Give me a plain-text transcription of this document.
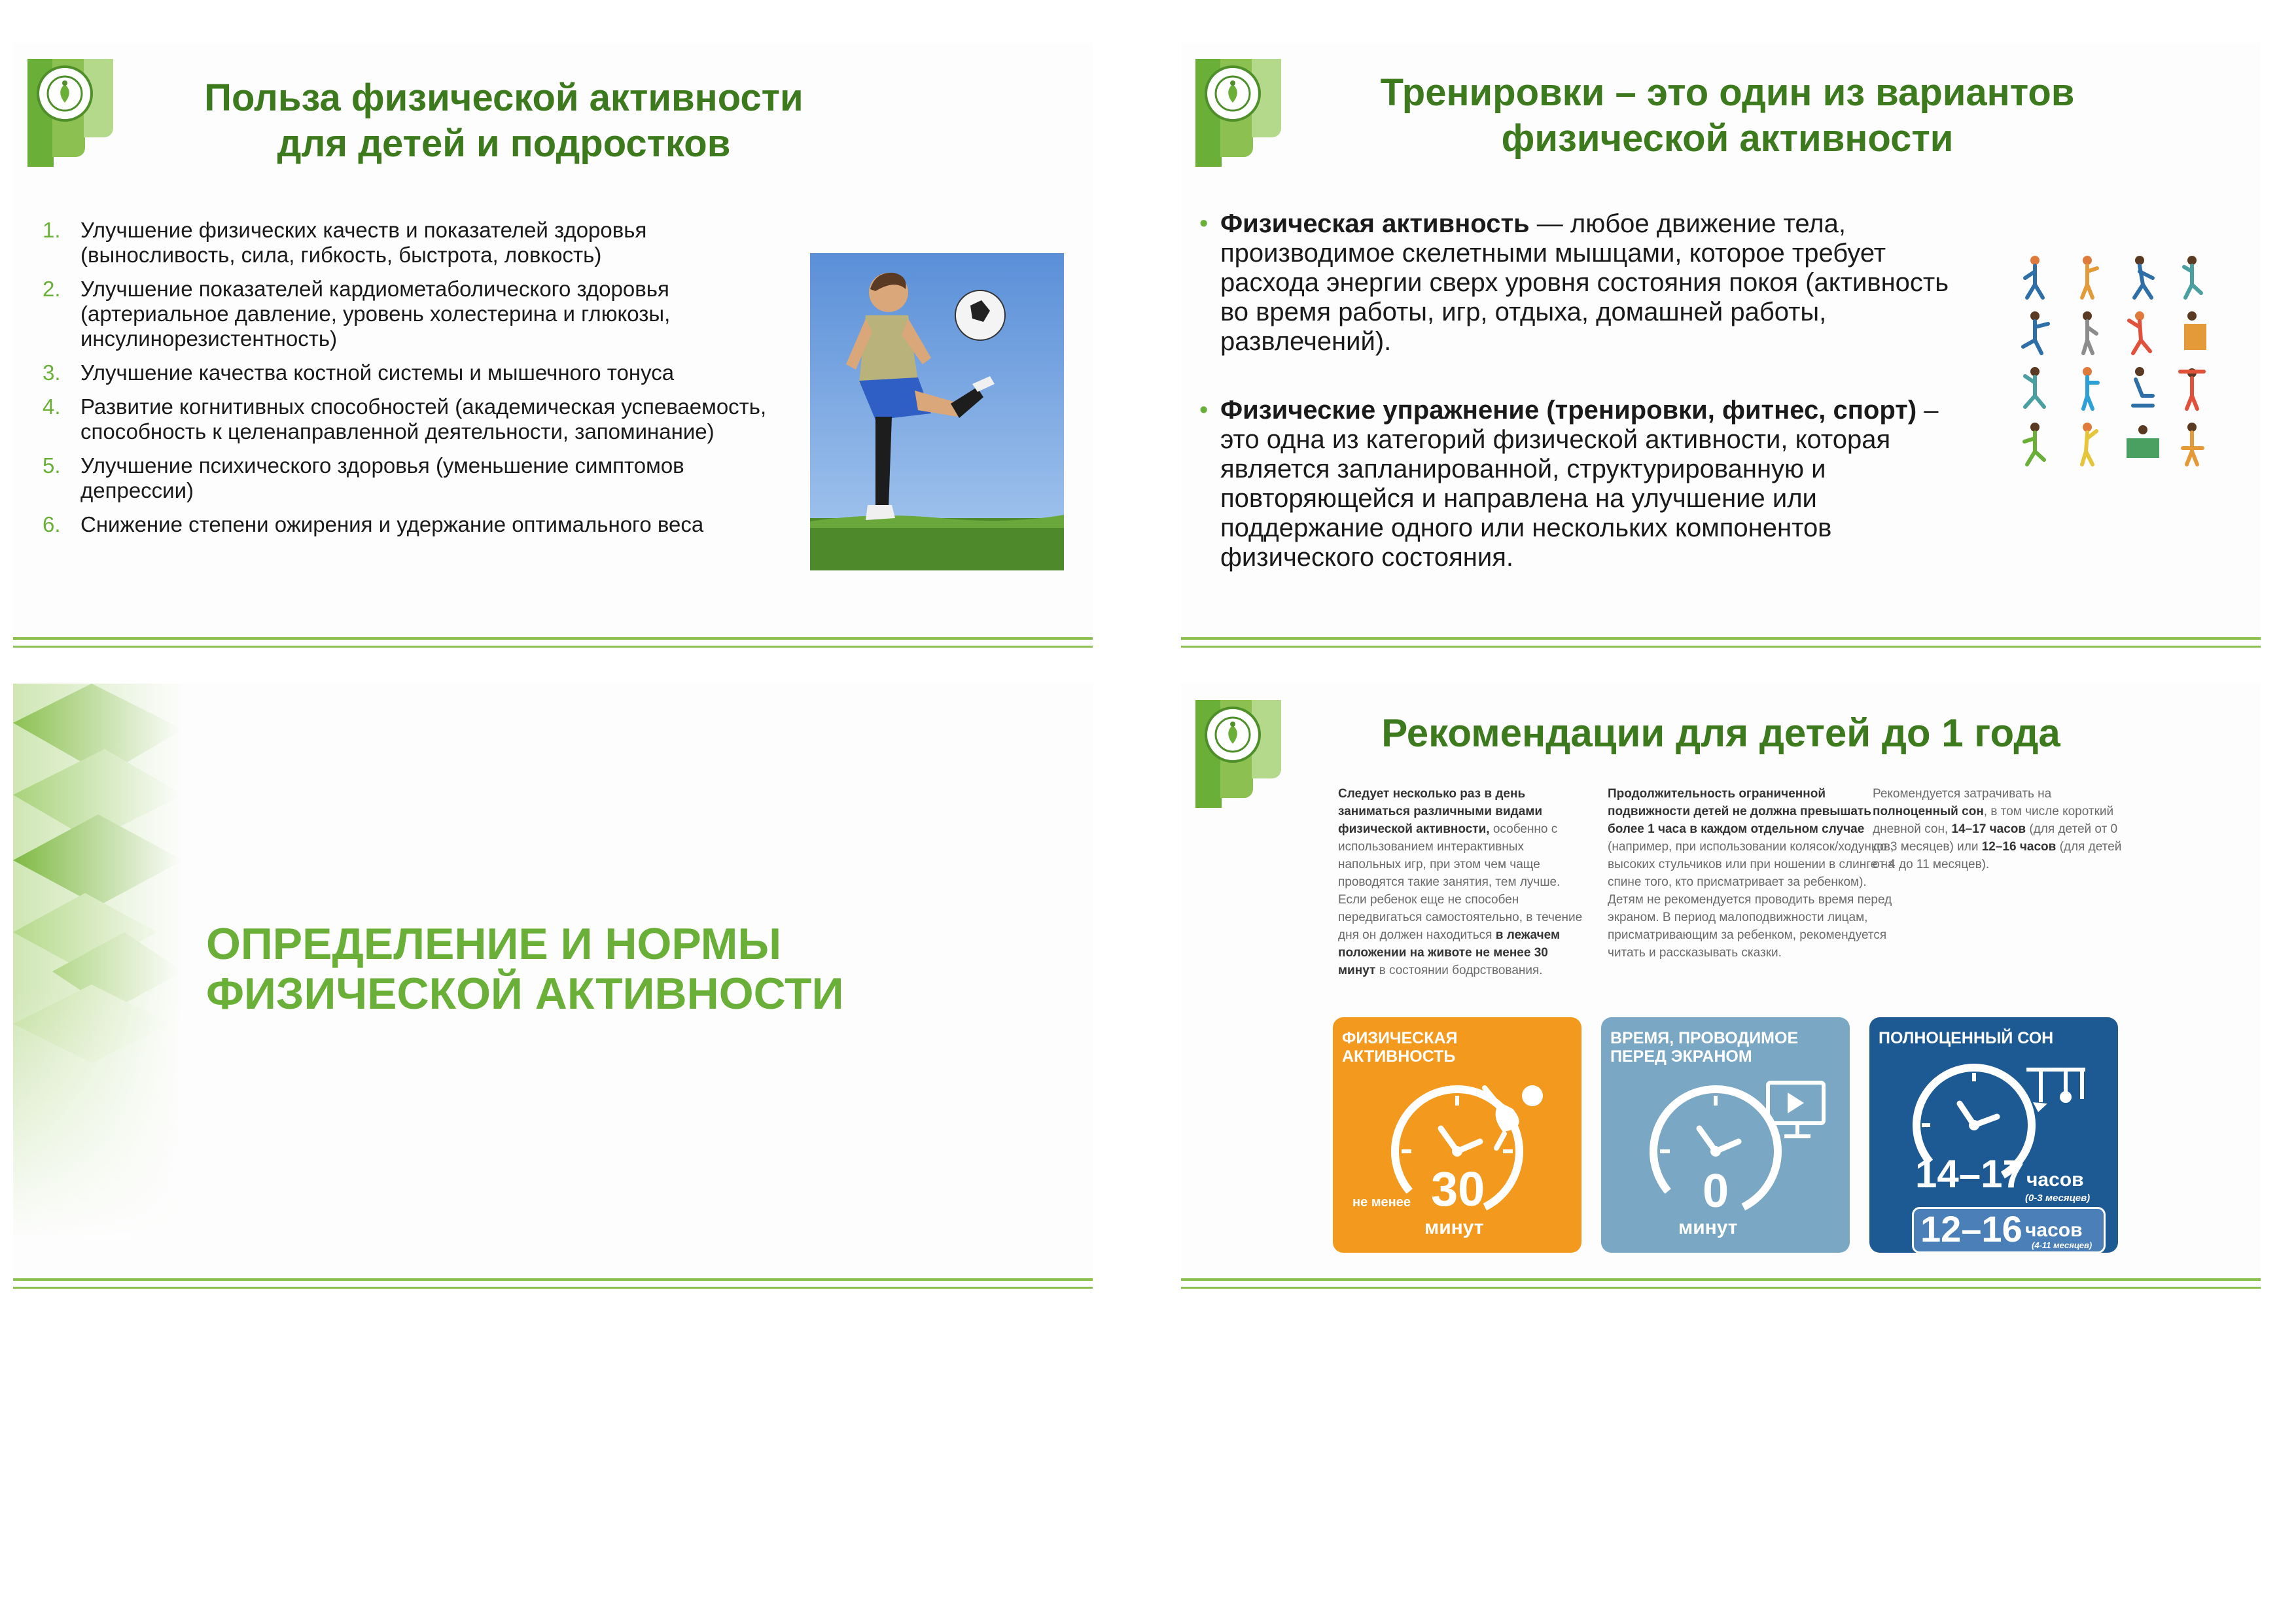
Польза физической активности для детей и подростков
1. Улучшение физических качеств и показателей здоровья (выносливость, сила, гибкость, быстрота, ловкость)
2. Улучшение показателей кардиометаболического здоровья (артериальное давление, уровень холестерина и глюкозы, инсулинорезистентность)
3. Улучшение качества костной системы и мышечного тонуса
4. Развитие когнитивных способностей (академическая успеваемость, способность к целенаправленной деятельности, запоминание)
5. Улучшение психического здоровья (уменьшение симптомов депрессии)
6. Снижение степени ожирения и удержание оптимального веса
Тренировки – это один из вариантов физической активности
• Физическая активность — любое движение тела, производимое скелетными мышцами, которое требует расхода энергии сверх уровня состояния покоя (активность во время работы, игр, отдыха, домашней работы, развлечений).
• Физические упражнение (тренировки, фитнес, спорт) – это одна из категорий физической активности, которая является запланированной, структурированную и повторяющейся и направлена на улучшение или поддержание одного или нескольких компонентов физического состояния.
ОПРЕДЕЛЕНИЕ И НОРМЫ
ФИЗИЧЕСКОЙ АКТИВНОСТИ
Рекомендации для детей до 1 года
Следует несколько раз в день заниматься различными видами физической активности, особенно с использованием интерактивных напольных игр, при этом чем чаще проводятся такие занятия, тем лучше. Если ребенок еще не способен передвигаться самостоятельно, в течение дня он должен находиться в лежачем положении на животе не менее 30 минут в состоянии бодрствования.
Продолжительность ограниченной подвижности детей не должна превышать более 1 часа в каждом отдельном случае (например, при использовании колясок/ходунков, высоких стульчиков или при ношении в слинге на спине того, кто присматривает за ребенком). Детям не рекомендуется проводить время перед экраном. В период малоподвижности лицам, присматривающим за ребенком, рекомендуется читать и рассказывать сказки.
Рекомендуется затрачивать на полноценный сон, в том числе короткий дневной сон, 14–17 часов (для детей от 0 до 3 месяцев) или 12–16 часов (для детей от 4 до 11 месяцев).
ФИЗИЧЕСКАЯ АКТИВНОСТЬ
не менее 30
минут
ВРЕМЯ, ПРОВОДИМОЕ ПЕРЕД ЭКРАНОМ
0
минут
ПОЛНОЦЕННЫЙ СОН
14–17 часов
(0-3 месяцев)
12–16 часов
(4-11 месяцев)
